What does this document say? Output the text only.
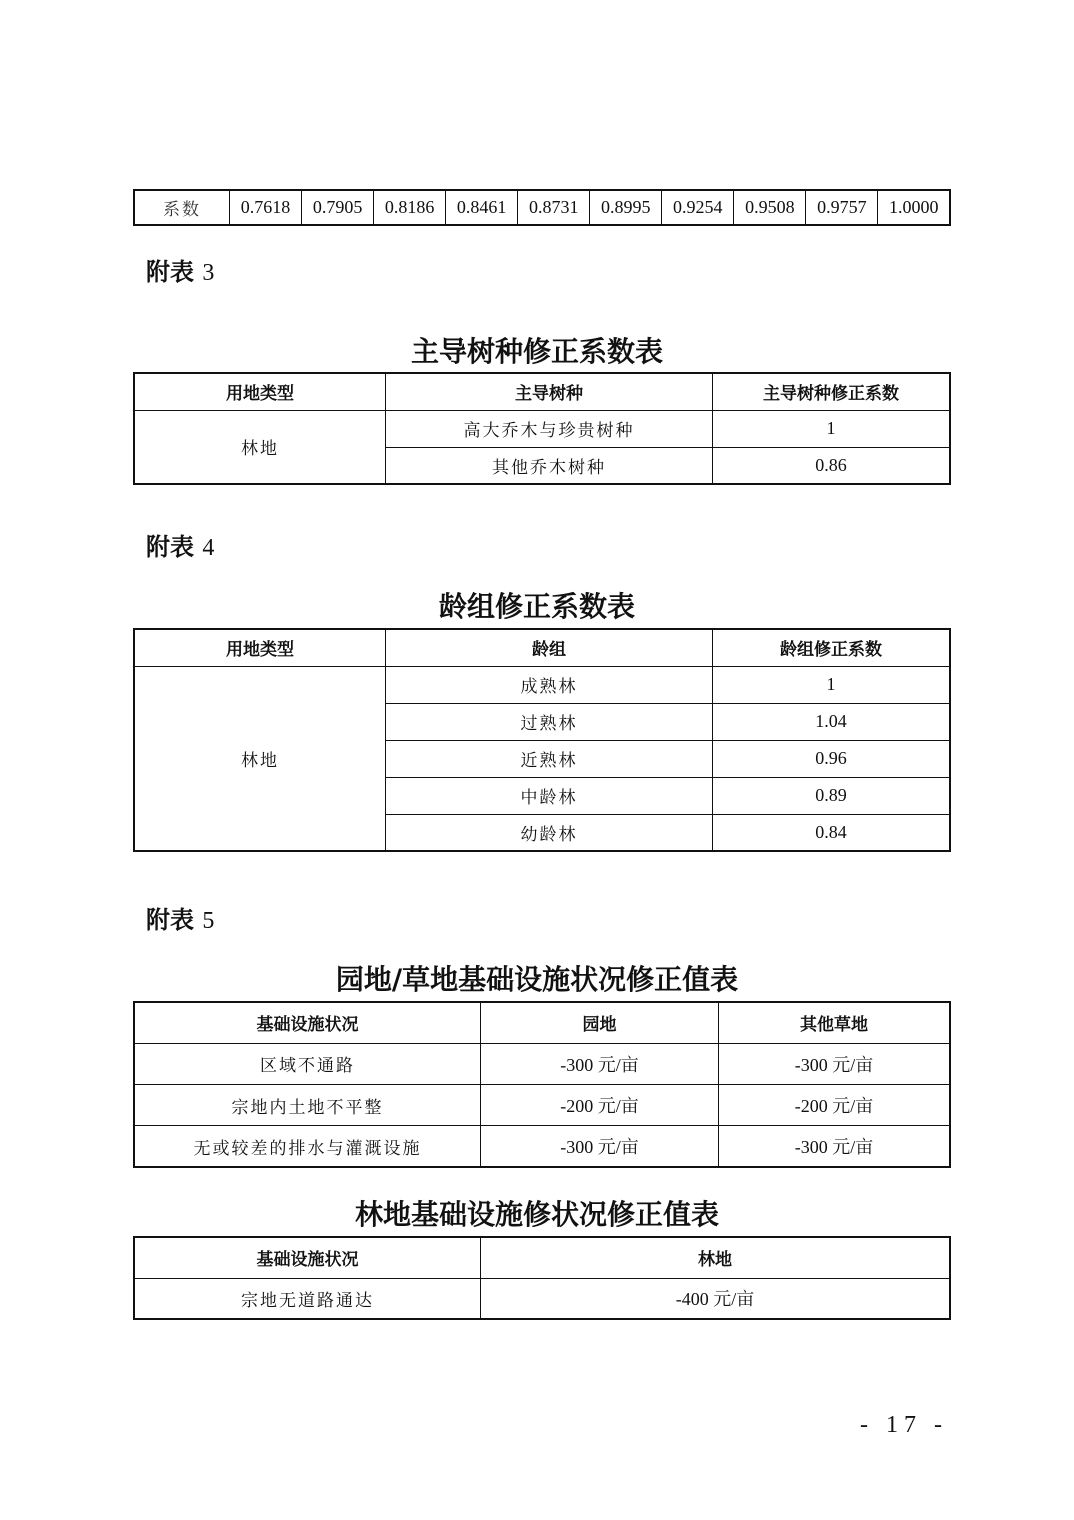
系数	0.7618	0.7905	0.8186	0.8461	0.8731	0.8995	0.9254	0.9508	0.9757	1.0000
附表 3
主导树种修正系数表
用地类型	主导树种	主导树种修正系数
林地	高大乔木与珍贵树种	1
	其他乔木树种	0.86
附表 4
龄组修正系数表
用地类型	龄组	龄组修正系数
林地	成熟林	1
	过熟林	1.04
	近熟林	0.96
	中龄林	0.89
	幼龄林	0.84
附表 5
园地/草地基础设施状况修正值表
基础设施状况	园地	其他草地
区域不通路	-300 元/亩	-300 元/亩
宗地内土地不平整	-200 元/亩	-200 元/亩
无或较差的排水与灌溉设施	-300 元/亩	-300 元/亩
林地基础设施修状况修正值表
基础设施状况	林地
宗地无道路通达	-400 元/亩
- 17 -
